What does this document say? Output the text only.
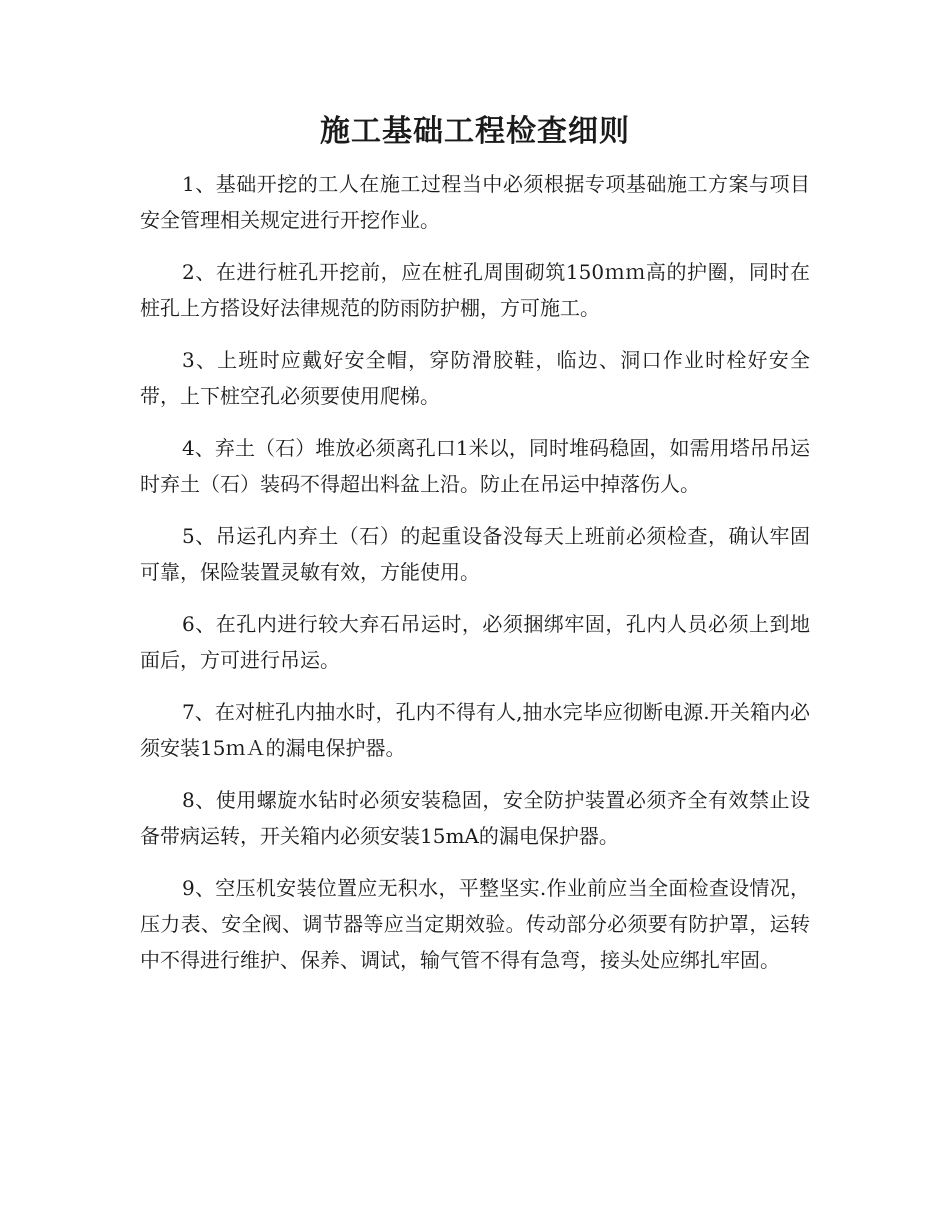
施工基础工程检查细则

1、基础开挖的工人在施工过程当中必须根据专项基础施工方案与项目安全管理相关规定进行开挖作业。

2、在进行桩孔开挖前，应在桩孔周围砌筑150ｍｍ高的护圈，同时在桩孔上方搭设好法律规范的防雨防护棚，方可施工。

3、上班时应戴好安全帽，穿防滑胶鞋，临边、洞口作业时栓好安全带，上下桩空孔必须要使用爬梯。

4、弃土（石）堆放必须离孔口1米以，同时堆码稳固，如需用塔吊吊运时弃土（石）装码不得超出料盆上沿。防止在吊运中掉落伤人。

5、吊运孔内弃土（石）的起重设备没每天上班前必须检查，确认牢固可靠，保险装置灵敏有效，方能使用。

6、在孔内进行较大弃石吊运时，必须捆绑牢固，孔内人员必须上到地面后，方可进行吊运。

7、在对桩孔内抽水时，孔内不得有人,抽水完毕应彻断电源.开关箱内必须安装15ｍＡ的漏电保护器。

8、使用螺旋水钻时必须安装稳固，安全防护装置必须齐全有效禁止设备带病运转，开关箱内必须安装15mA的漏电保护器。

9、空压机安装位置应无积水，平整坚实.作业前应当全面检查设情况，压力表、安全阀、调节器等应当定期效验。传动部分必须要有防护罩，运转中不得进行维护、保养、调试，输气管不得有急弯，接头处应绑扎牢固。
